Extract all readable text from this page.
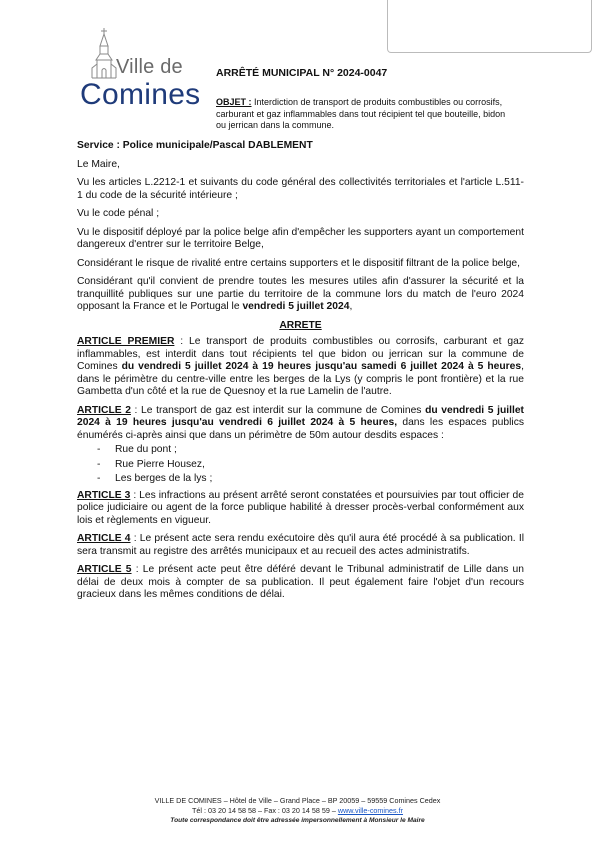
Ville de
Comines
ARRÊTÉ MUNICIPAL N° 2024-0047
OBJET : Interdiction de transport de produits combustibles ou corrosifs, carburant et gaz inflammables dans tout récipient tel que bouteille, bidon ou jerrican dans la commune.

Service : Police municipale/Pascal DABLEMENT

Le Maire,

Vu les articles L.2212-1 et suivants du code général des collectivités territoriales et l'article L.511-1 du code de la sécurité intérieure ;

Vu le code pénal ;

Vu le dispositif déployé par la police belge afin d'empêcher les supporters ayant un comportement dangereux d'entrer sur le territoire Belge,

Considérant le risque de rivalité entre certains supporters et le dispositif filtrant de la police belge,

Considérant qu'il convient de prendre toutes les mesures utiles afin d'assurer la sécurité et la tranquillité publiques sur une partie du territoire de la commune lors du match de l'euro 2024 opposant la France et le Portugal le vendredi 5 juillet 2024,

ARRETE

ARTICLE PREMIER : Le transport de produits combustibles ou corrosifs, carburant et gaz inflammables, est interdit dans tout récipients tel que bidon ou jerrican sur la commune de Comines du vendredi 5 juillet 2024 à 19 heures jusqu'au samedi 6 juillet 2024 à 5 heures, dans le périmètre du centre-ville entre les berges de la Lys (y compris le pont frontière) et la rue Gambetta d'un côté et la rue de Quesnoy et la rue Lamelin de l'autre.

ARTICLE 2 : Le transport de gaz est interdit sur la commune de Comines du vendredi 5 juillet 2024 à 19 heures jusqu'au vendredi 6 juillet 2024 à 5 heures, dans les espaces publics énumérés ci-après ainsi que dans un périmètre de 50m autour desdits espaces :

- Rue du pont ;
- Rue Pierre Housez,
- Les berges de la lys ;

ARTICLE 3 : Les infractions au présent arrêté seront constatées et poursuivies par tout officier de police judiciaire ou agent de la force publique habilité à dresser procès-verbal conformément aux lois et règlements en vigueur.

ARTICLE 4 : Le présent acte sera rendu exécutoire dès qu'il aura été procédé à sa publication. Il sera transmit au registre des arrêtés municipaux et au recueil des actes administratifs.

ARTICLE 5 : Le présent acte peut être déféré devant le Tribunal administratif de Lille dans un délai de deux mois à compter de sa publication. Il peut également faire l'objet d'un recours gracieux dans les mêmes conditions de délai.

VILLE DE COMINES – Hôtel de Ville – Grand Place – BP 20059 – 59559 Comines Cedex
Tél : 03 20 14 58 58 – Fax : 03 20 14 58 59 – www.ville-comines.fr
Toute correspondance doit être adressée impersonnellement à Monsieur le Maire
